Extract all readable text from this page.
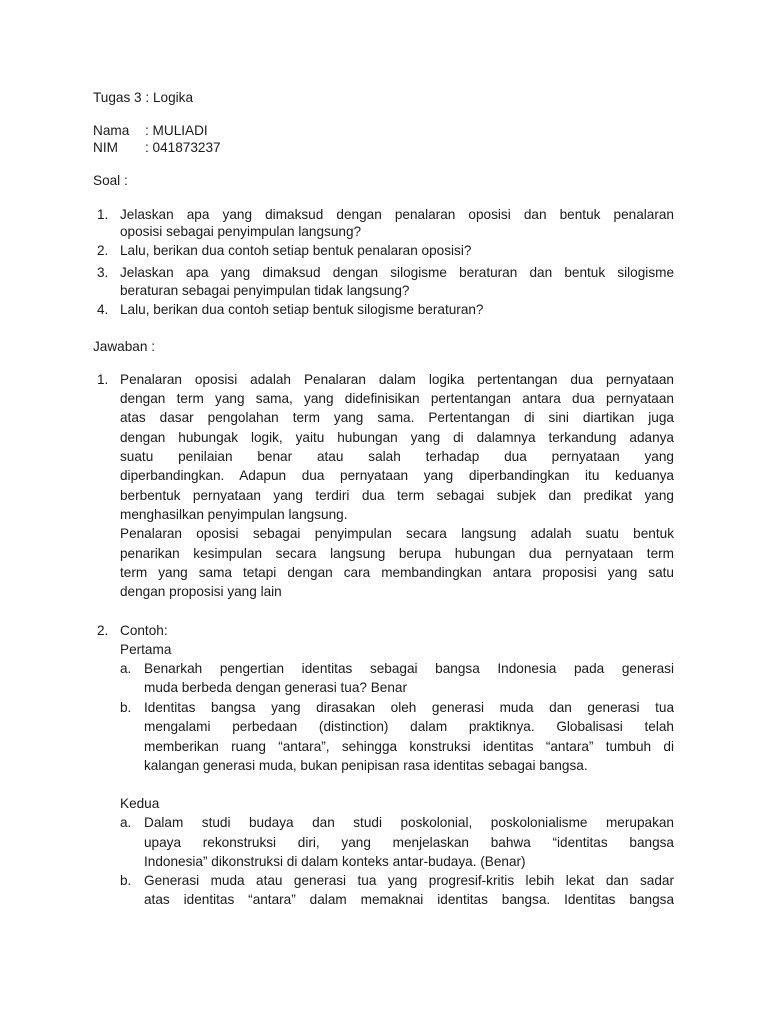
Tugas 3 : Logika
Nama : MULIADI
NIM : 041873237
Soal :
1. Jelaskan apa yang dimaksud dengan penalaran oposisi dan bentuk penalaran
oposisi sebagai penyimpulan langsung?
2. Lalu, berikan dua contoh setiap bentuk penalaran oposisi?
3. Jelaskan apa yang dimaksud dengan silogisme beraturan dan bentuk silogisme
beraturan sebagai penyimpulan tidak langsung?
4. Lalu, berikan dua contoh setiap bentuk silogisme beraturan?
Jawaban :
1. Penalaran oposisi adalah Penalaran dalam logika pertentangan dua pernyataan
dengan term yang sama, yang didefinisikan pertentangan antara dua pernyataan
atas dasar pengolahan term yang sama. Pertentangan di sini diartikan juga
dengan hubungak logik, yaitu hubungan yang di dalamnya terkandung adanya
suatu penilaian benar atau salah terhadap dua pernyataan yang
diperbandingkan. Adapun dua pernyataan yang diperbandingkan itu keduanya
berbentuk pernyataan yang terdiri dua term sebagai subjek dan predikat yang
menghasilkan penyimpulan langsung.
Penalaran oposisi sebagai penyimpulan secara langsung adalah suatu bentuk
penarikan kesimpulan secara langsung berupa hubungan dua pernyataan term
term yang sama tetapi dengan cara membandingkan antara proposisi yang satu
dengan proposisi yang lain
2. Contoh:
Pertama
a. Benarkah pengertian identitas sebagai bangsa Indonesia pada generasi
muda berbeda dengan generasi tua? Benar
b. Identitas bangsa yang dirasakan oleh generasi muda dan generasi tua
mengalami perbedaan (distinction) dalam praktiknya. Globalisasi telah
memberikan ruang “antara”, sehingga konstruksi identitas “antara” tumbuh di
kalangan generasi muda, bukan penipisan rasa identitas sebagai bangsa.
Kedua
a. Dalam studi budaya dan studi poskolonial, poskolonialisme merupakan
upaya rekonstruksi diri, yang menjelaskan bahwa “identitas bangsa
Indonesia” dikonstruksi di dalam konteks antar-budaya. (Benar)
b. Generasi muda atau generasi tua yang progresif-kritis lebih lekat dan sadar
atas identitas “antara” dalam memaknai identitas bangsa. Identitas bangsa
